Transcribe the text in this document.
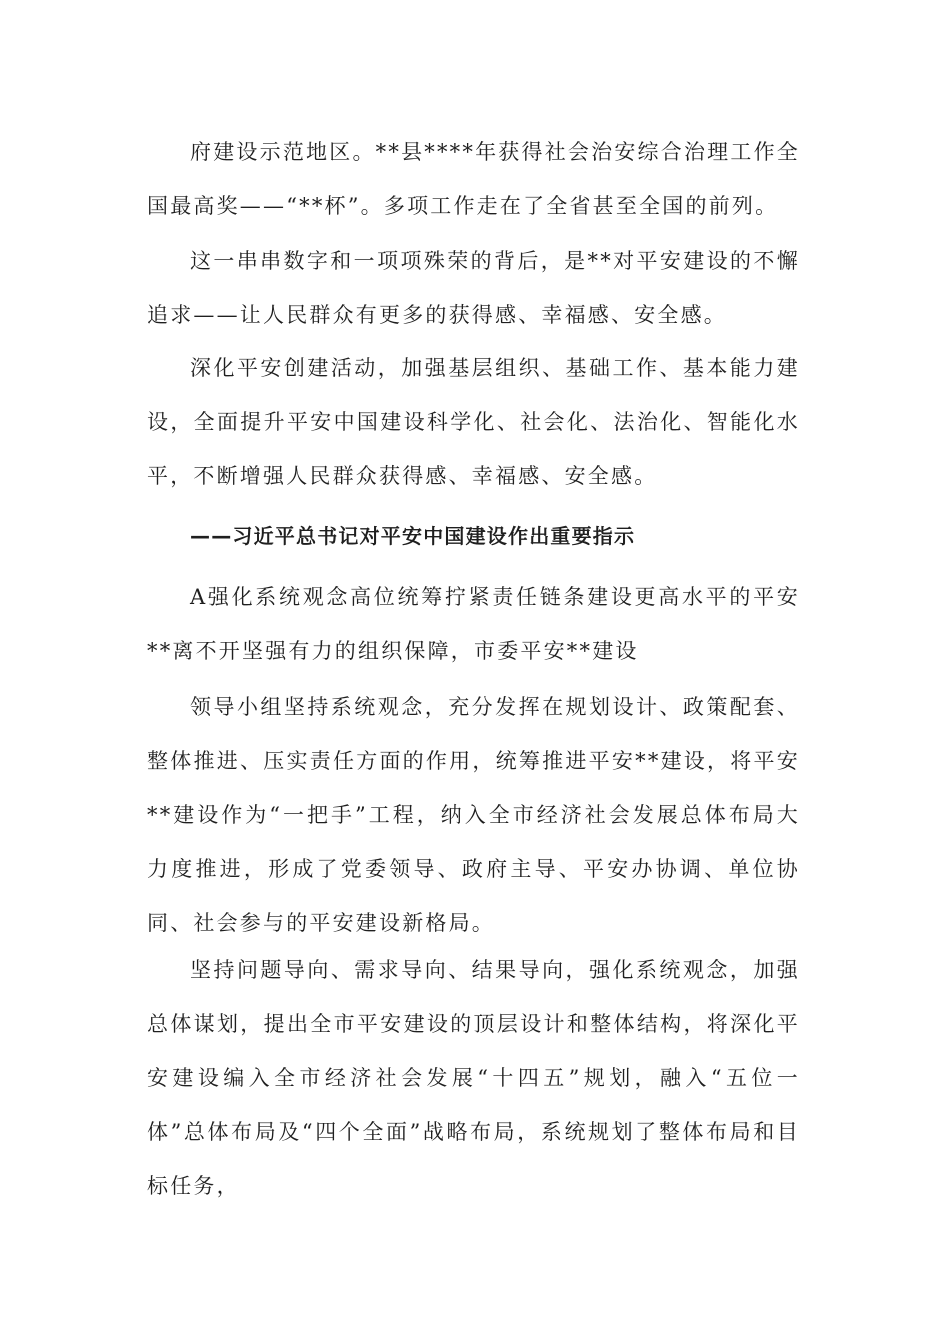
府建设示范地区。**县****年获得社会治安综合治理工作全国最高奖——“**杯”。多项工作走在了全省甚至全国的前列。

这一串串数字和一项项殊荣的背后，是**对平安建设的不懈追求——让人民群众有更多的获得感、幸福感、安全感。

深化平安创建活动，加强基层组织、基础工作、基本能力建设，全面提升平安中国建设科学化、社会化、法治化、智能化水平，不断增强人民群众获得感、幸福感、安全感。

——习近平总书记对平安中国建设作出重要指示

A强化系统观念高位统筹拧紧责任链条建设更高水平的平安**离不开坚强有力的组织保障，市委平安**建设

领导小组坚持系统观念，充分发挥在规划设计、政策配套、整体推进、压实责任方面的作用，统筹推进平安**建设，将平安**建设作为“一把手”工程，纳入全市经济社会发展总体布局大力度推进，形成了党委领导、政府主导、平安办协调、单位协同、社会参与的平安建设新格局。

坚持问题导向、需求导向、结果导向，强化系统观念，加强总体谋划，提出全市平安建设的顶层设计和整体结构，将深化平安建设编入全市经济社会发展“十四五”规划，融入“五位一体”总体布局及“四个全面”战略布局，系统规划了整体布局和目标任务，
